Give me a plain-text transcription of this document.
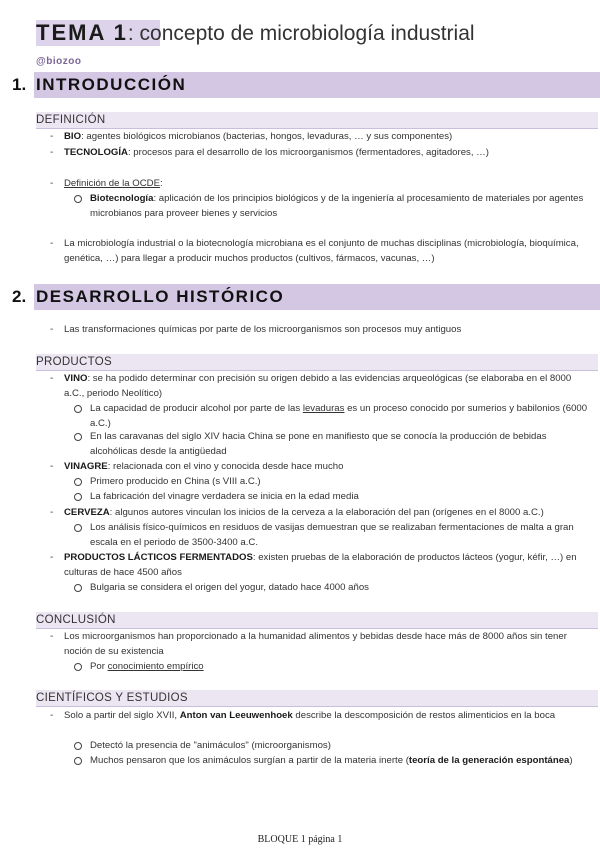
TEMA 1: concepto de microbiología industrial
@biozoo
1. INTRODUCCIÓN
DEFINICIÓN
- BIO: agentes biológicos microbianos (bacterias, hongos, levaduras, … y sus componentes)
- TECNOLOGÍA: procesos para el desarrollo de los microorganismos (fermentadores, agitadores, …)
- Definición de la OCDE:
Biotecnología: aplicación de los principios biológicos y de la ingeniería al procesamiento de materiales por agentes microbianos para proveer bienes y servicios
- La microbiología industrial o la biotecnología microbiana es el conjunto de muchas disciplinas (microbiología, bioquímica, genética, …) para llegar a producir muchos productos (cultivos, fármacos, vacunas, …)
2. DESARROLLO HISTÓRICO
- Las transformaciones químicas por parte de los microorganismos son procesos muy antiguos
PRODUCTOS
- VINO: se ha podido determinar con precisión su origen debido a las evidencias arqueológicas (se elaboraba en el 8000 a.C., periodo Neolítico)
La capacidad de producir alcohol por parte de las levaduras es un proceso conocido por sumerios y babilonios (6000 a.C.)
En las caravanas del siglo XIV hacia China se pone en manifiesto que se conocía la producción de bebidas alcohólicas desde la antigüedad
- VINAGRE: relacionada con el vino y conocida desde hace mucho
Primero producido en China (s VIII a.C.)
La fabricación del vinagre verdadera se inicia en la edad media
- CERVEZA: algunos autores vinculan los inicios de la cerveza a la elaboración del pan (orígenes en el 8000 a.C.)
Los análisis físico-químicos en residuos de vasijas demuestran que se realizaban fermentaciones de malta a gran escala en el periodo de 3500-3400 a.C.
- PRODUCTOS LÁCTICOS FERMENTADOS: existen pruebas de la elaboración de productos lácteos (yogur, kéfir, …) en culturas de hace 4500 años
Bulgaria se considera el origen del yogur, datado hace 4000 años
CONCLUSIÓN
- Los microorganismos han proporcionado a la humanidad alimentos y bebidas desde hace más de 8000 años sin tener noción de su existencia
Por conocimiento empírico
CIENTÍFICOS Y ESTUDIOS
- Solo a partir del siglo XVII, Anton van Leeuwenhoek describe la descomposición de restos alimenticios en la boca
Detectó la presencia de "animáculos" (microorganismos)
Muchos pensaron que los animáculos surgían a partir de la materia inerte (teoría de la generación espontánea)
BLOQUE 1 página 1
